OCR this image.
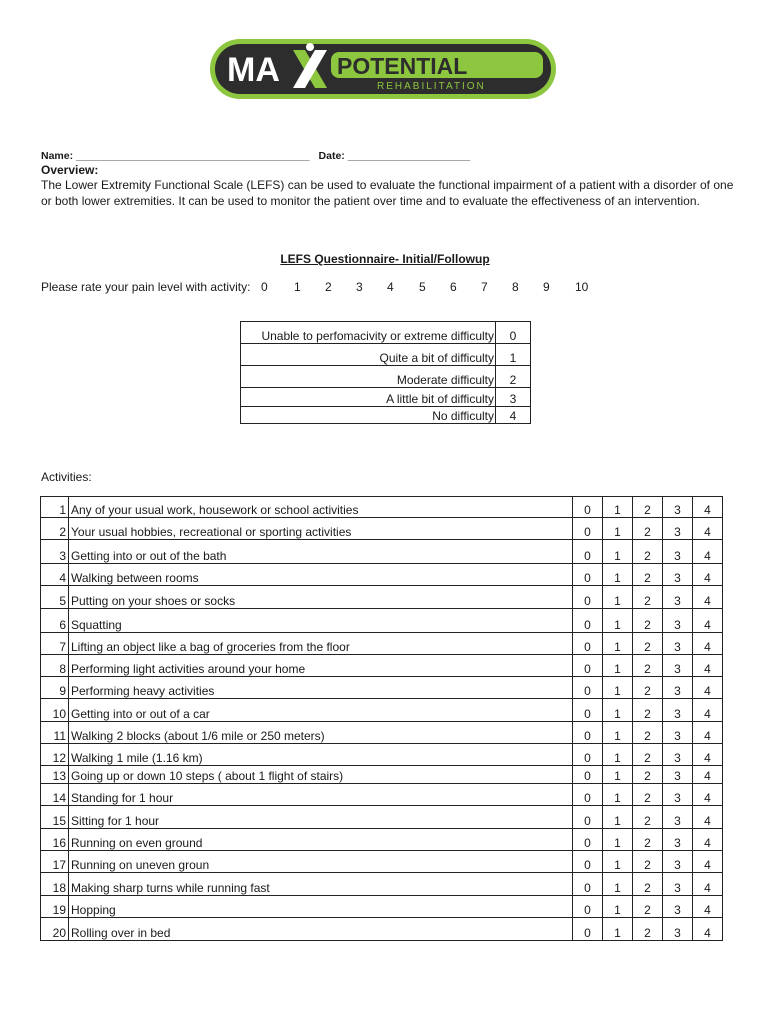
MA POTENTIAL
REHABILITATION
Name: ________________________________________ Date: _____________________
Overview:
The Lower Extremity Functional Scale (LEFS) can be used to evaluate the functional impairment of a patient with a disorder of one or both lower extremities. It can be used to monitor the patient over time and to evaluate the effectiveness of an intervention.
LEFS Questionnaire- Initial/Followup
Please rate your pain level with activity: 0 1 2 3 4 5 6 7 8 9 10
Unable to perfomacivity or extreme difficulty	0
Quite a bit of difficulty	1
Moderate difficulty	2
A little bit of difficulty	3
No difficulty	4
Activities:
1	Any of your usual work, housework or school activities	0	1	2	3	4
2	Your usual hobbies, recreational or sporting activities	0	1	2	3	4
3	Getting into or out of the bath	0	1	2	3	4
4	Walking between rooms	0	1	2	3	4
5	Putting on your shoes or socks	0	1	2	3	4
6	Squatting	0	1	2	3	4
7	Lifting an object like a bag of groceries from the floor	0	1	2	3	4
8	Performing light activities around your home	0	1	2	3	4
9	Performing heavy activities	0	1	2	3	4
10	Getting into or out of a car	0	1	2	3	4
11	Walking 2 blocks (about 1/6 mile or 250 meters)	0	1	2	3	4
12	Walking 1 mile (1.16 km)	0	1	2	3	4
13	Going up or down 10 steps ( about 1 flight of stairs)	0	1	2	3	4
14	Standing for 1 hour	0	1	2	3	4
15	Sitting for 1 hour	0	1	2	3	4
16	Running on even ground	0	1	2	3	4
17	Running on uneven groun	0	1	2	3	4
18	Making sharp turns while running fast	0	1	2	3	4
19	Hopping	0	1	2	3	4
20	Rolling over in bed	0	1	2	3	4
